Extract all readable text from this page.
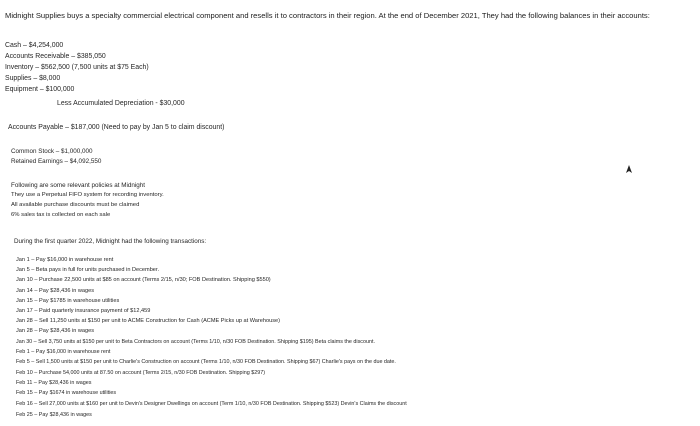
Midnight Supplies buys a specialty commercial electrical component and resells it to contractors in their region. At the end of December 2021, They had the following balances in their accounts:
Cash – $4,254,000
Accounts Receivable – $385,050
Inventory – $562,500 (7,500 units at $75 Each)
Supplies – $8,000
Equipment – $100,000
Less Accumulated Depreciation - $30,000
Accounts Payable – $187,000 (Need to pay by Jan 5 to claim discount)
Common Stock – $1,000,000
Retained Earnings – $4,092,550
Following are some relevant policies at Midnight
They use a Perpetual FIFO system for recording inventory.
All available purchase discounts must be claimed
6% sales tax is collected on each sale
During the first quarter 2022, Midnight had the following transactions:
Jan 1 – Pay $16,000 in warehouse rent
Jan 5 – Beta pays in full for units purchased in December.
Jan 10 – Purchase 22,500 units at $85 on account (Terms 2/15, n/30; FOB Destination. Shipping $550)
Jan 14 – Pay $28,436 in wages
Jan 15 – Pay $1785 in warehouse utilities
Jan 17 – Paid quarterly insurance payment of $12,459
Jan 28 – Sell 11,250 units at $150 per unit to ACME Construction for Cash (ACME Picks up at Warehouse)
Jan 28 – Pay $28,436 in wages
Jan 30 – Sell 3,750 units at $150 per unit to Beta Contractors on account (Terms 1/10, n/30 FOB Destination. Shipping $195) Beta claims the discount.
Feb 1 – Pay $16,000 in warehouse rent
Feb 5 – Sell 1,500 units at $150 per unit to Charlie's Construction on account (Terms 1/10, n/30 FOB Destination. Shipping $67) Charlie's pays on the due date.
Feb 10 – Purchase 54,000 units at 87.50 on account (Terms 2/15, n/30 FOB Destination. Shipping $297)
Feb 11 – Pay $28,436 in wages
Feb 15 – Pay $1674 in warehouse utilities
Feb 16 – Sell 27,000 units at $160 per unit to Devin's Designer Dwellings on account (Term 1/10, n/30 FOB Destination. Shipping $523) Devin's Claims the discount
Feb 25 – Pay $28,436 in wages
